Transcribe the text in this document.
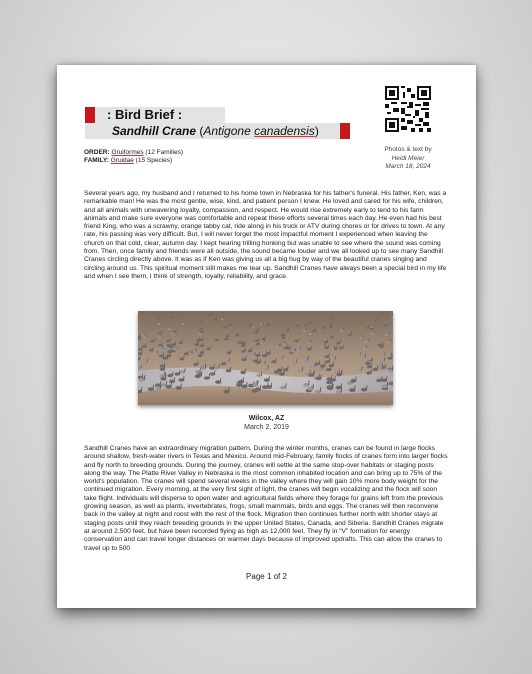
: Bird Brief :
Sandhill Crane (Antigone canadensis)
Photos & text by
Heidi Meier
March 18, 2024
ORDER: Gruiformes (12 Families)
FAMILY: Gruidae (15 Species)

Several years ago, my husband and I returned to his home town in Nebraska for his father's funeral. His father, Ken, was a remarkable man! He was the most gentle, wise, kind, and patient person I knew. He loved and cared for his wife, children, and all animals with unwavering loyalty, compassion, and respect. He would rise extremely early to tend to his farm animals and make sure everyone was comfortable and repeat these efforts several times each day. He even had his best friend King, who was a scrawny, orange tabby cat, ride along in his truck or ATV during chores or for drives to town. At any rate, his passing was very difficult. But, I will never forget the most impactful moment I experienced when leaving the church on that cold, clear, autumn day. I kept hearing trilling honking but was unable to see where the sound was coming from. Then, once family and friends were all outside, the sound became louder and we all looked up to see many Sandhill Cranes circling directly above. It was as if Ken was giving us all a big hug by way of the beautiful cranes singing and circling around us. This spiritual moment still makes me tear up. Sandhill Cranes have always been a special bird in my life and when I see them, I think of strength, loyalty, reliability, and grace.

Wilcox, AZ
March 2, 2019

Sandhill Cranes have an extraordinary migration pattern. During the winter months, cranes can be found in large flocks around shallow, fresh-water rivers in Texas and Mexico. Around mid-February, family flocks of cranes form into larger flocks and fly north to breeding grounds. During the journey, cranes will settle at the same stop-over habitats or staging posts along the way. The Platte River Valley in Nebraska is the most common inhabited location and can bring up to 75% of the world's population. The cranes will spend several weeks in the valley where they will gain 10% more body weight for the continued migration. Every morning, at the very first sight of light, the cranes will begin vocalizing and the flock will soon take flight. Individuals will disperse to open water and agricultural fields where they forage for grains left from the previous growing season, as well as plants, invertebrates, frogs, small mammals, birds and eggs. The cranes will then reconvene back in the valley at night and roost with the rest of the flock. Migration then continues further north with shorter stays at staging posts until they reach breeding grounds in the upper United States, Canada, and Siberia. Sandhill Cranes migrate at around 2,500 feet, but have been recorded flying as high as 12,000 feet. They fly in “V” formation for energy conservation and can travel longer distances on warmer days because of improved updrafts. This can allow the cranes to travel up to 500

Page 1 of 2
